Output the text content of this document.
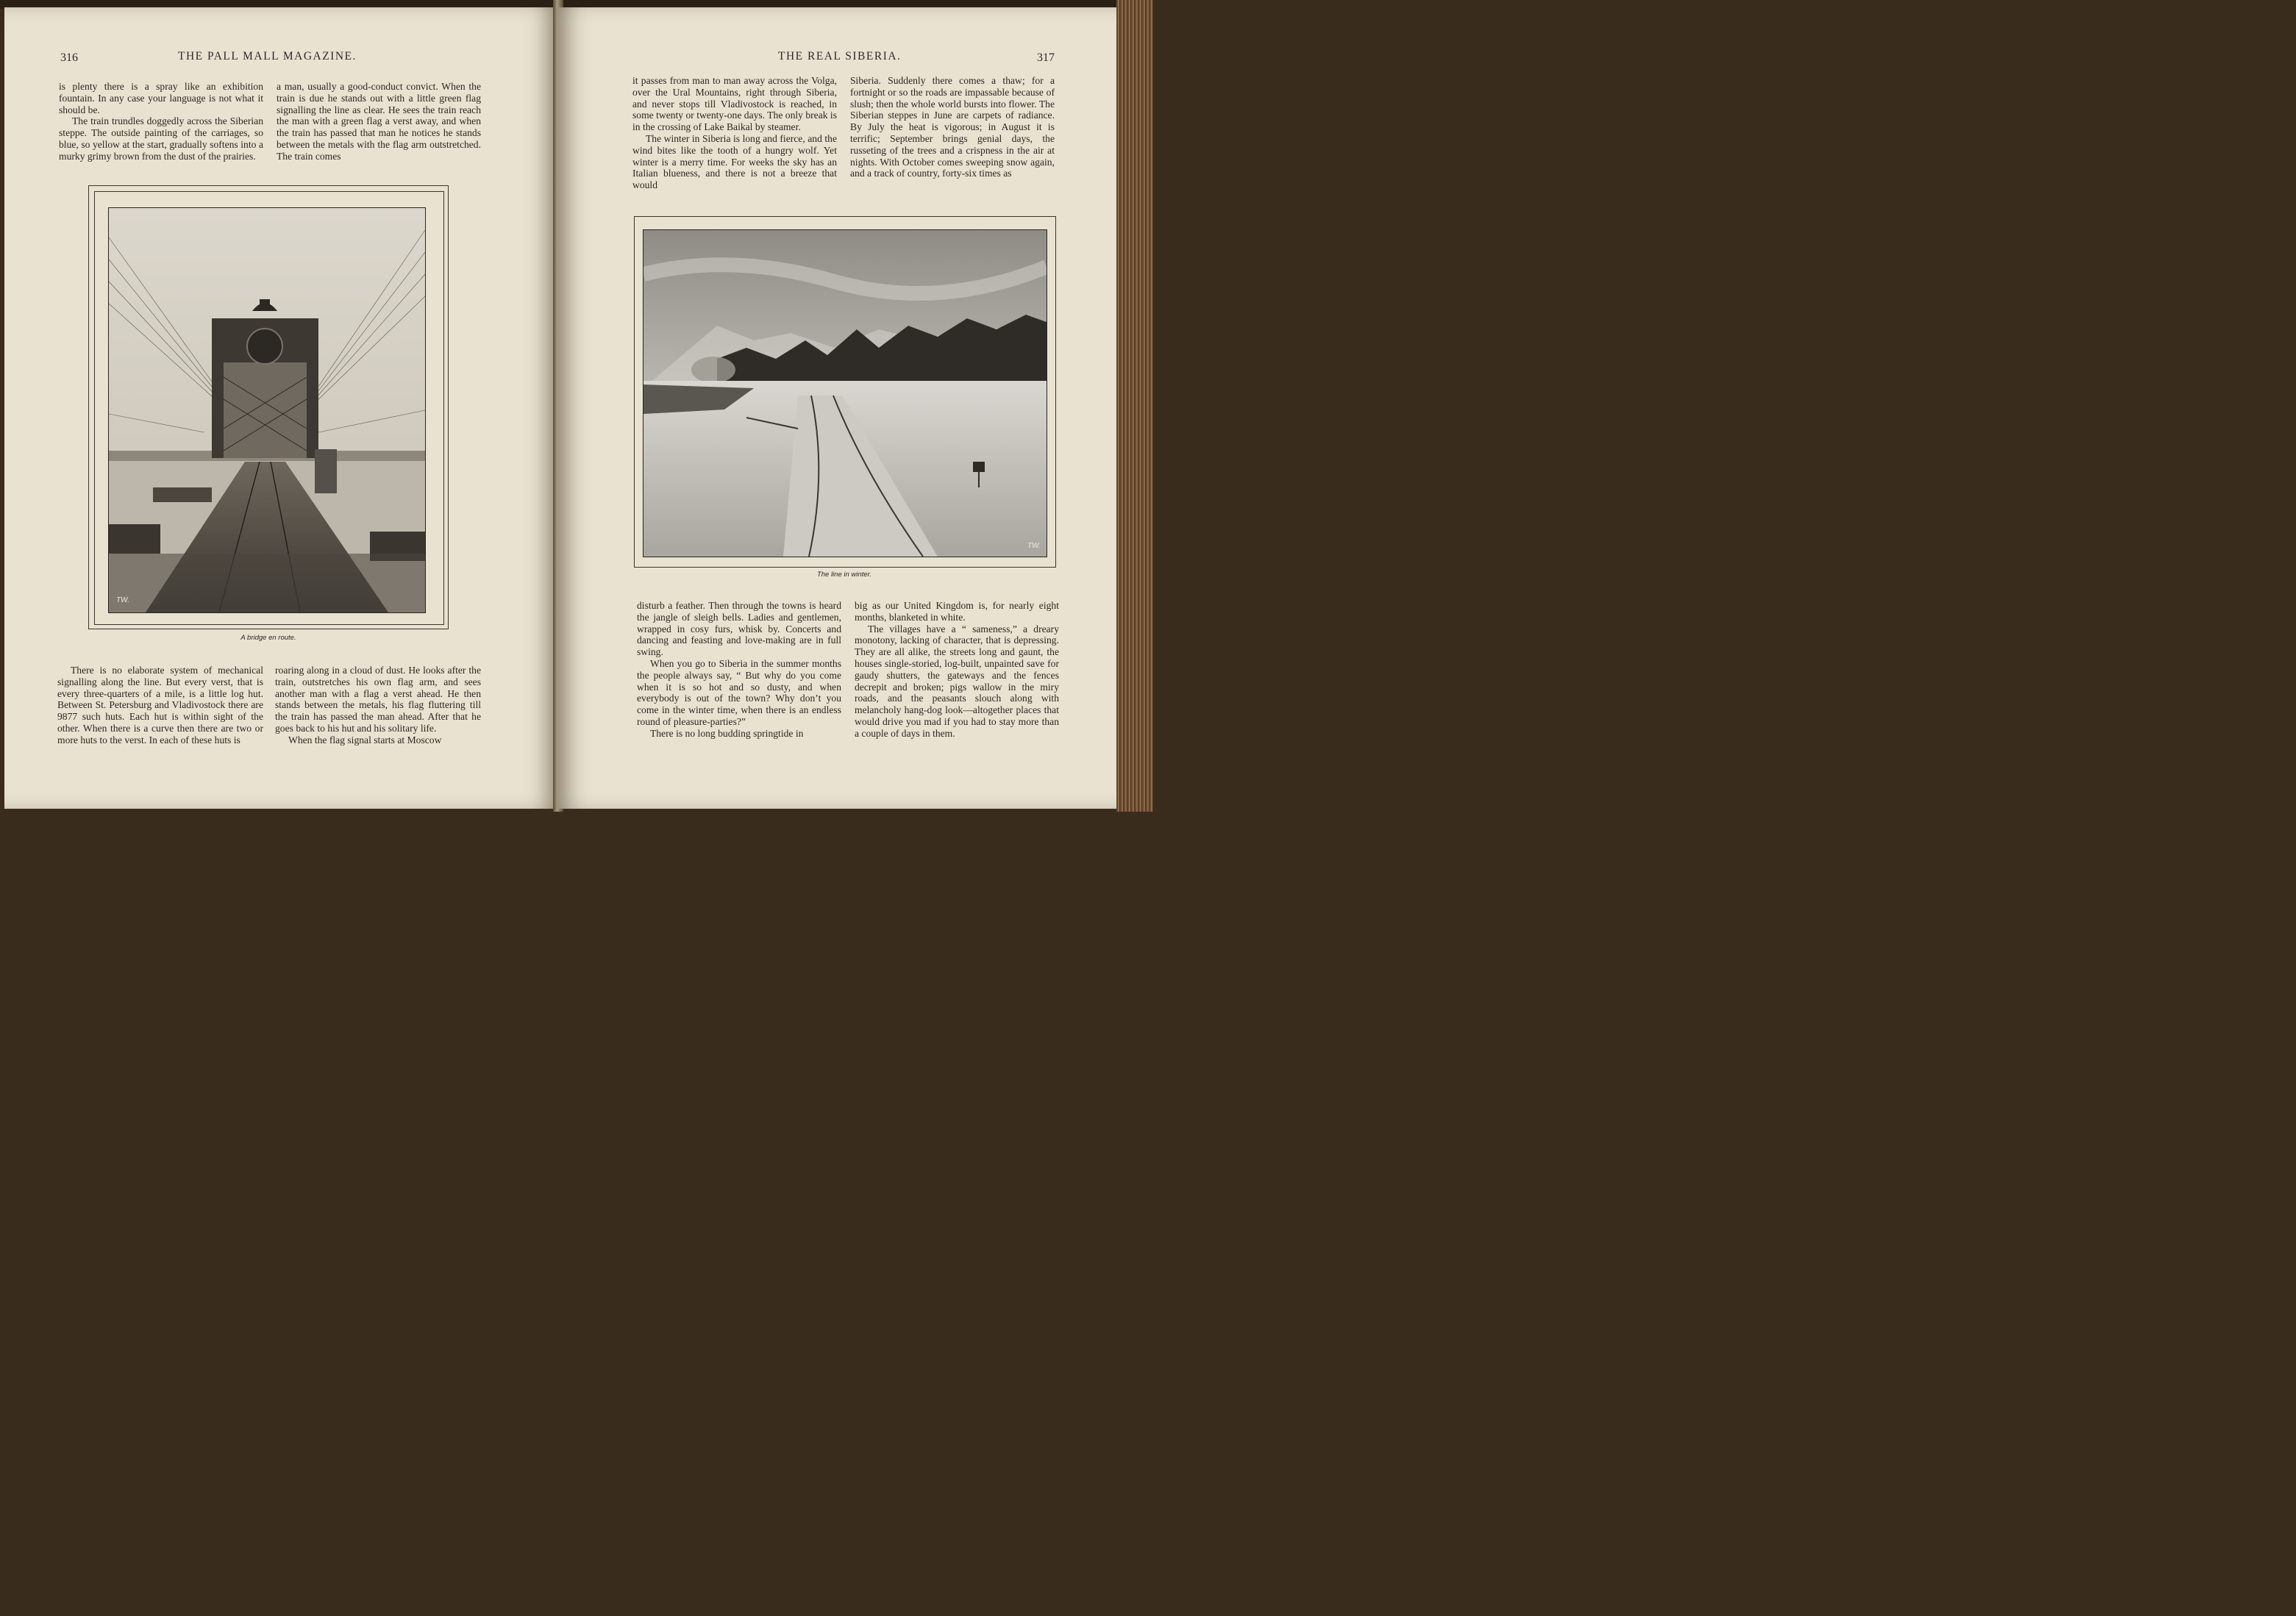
316	THE PALL MALL MAGAZINE.

is plenty there is a spray like an exhibition fountain. In any case your language is not what it should be.

The train trundles doggedly across the Siberian steppe. The outside painting of the carriages, so blue, so yellow at the start, gradually softens into a murky grimy brown from the dust of the prairies.

a man, usually a good-conduct convict. When the train is due he stands out with a little green flag signalling the line as clear. He sees the train reach the man with a green flag a verst away, and when the train has passed that man he notices he stands between the metals with the flag arm outstretched. The train comes

TW.
A bridge en route.

There is no elaborate system of mechanical signalling along the line. But every verst, that is every three-quarters of a mile, is a little log hut. Between St. Petersburg and Vladivostock there are 9877 such huts. Each hut is within sight of the other. When there is a curve then there are two or more huts to the verst. In each of these huts is

roaring along in a cloud of dust. He looks after the train, outstretches his own flag arm, and sees another man with a flag a verst ahead. He then stands between the metals, his flag fluttering till the train has passed the man ahead. After that he goes back to his hut and his solitary life.

When the flag signal starts at Moscow

THE REAL SIBERIA.	317

it passes from man to man away across the Volga, over the Ural Mountains, right through Siberia, and never stops till Vladivostock is reached, in some twenty or twenty-one days. The only break is in the crossing of Lake Baikal by steamer.

The winter in Siberia is long and fierce, and the wind bites like the tooth of a hungry wolf. Yet winter is a merry time. For weeks the sky has an Italian blueness, and there is not a breeze that would

Siberia. Suddenly there comes a thaw; for a fortnight or so the roads are impassable because of slush; then the whole world bursts into flower. The Siberian steppes in June are carpets of radiance. By July the heat is vigorous; in August it is terrific; September brings genial days, the russeting of the trees and a crispness in the air at nights. With October comes sweeping snow again, and a track of country, forty-six times as

TW.
The line in winter.

disturb a feather. Then through the towns is heard the jangle of sleigh bells. Ladies and gentlemen, wrapped in cosy furs, whisk by. Concerts and dancing and feasting and love-making are in full swing.

When you go to Siberia in the summer months the people always say, “ But why do you come when it is so hot and so dusty, and when everybody is out of the town? Why don’t you come in the winter time, when there is an endless round of pleasure-parties?”

There is no long budding springtide in

big as our United Kingdom is, for nearly eight months, blanketed in white.

The villages have a “ sameness,” a dreary monotony, lacking of character, that is depressing. They are all alike, the streets long and gaunt, the houses single-storied, log-built, unpainted save for gaudy shutters, the gateways and the fences decrepit and broken; pigs wallow in the miry roads, and the peasants slouch along with melancholy hang-dog look—altogether places that would drive you mad if you had to stay more than a couple of days in them.
